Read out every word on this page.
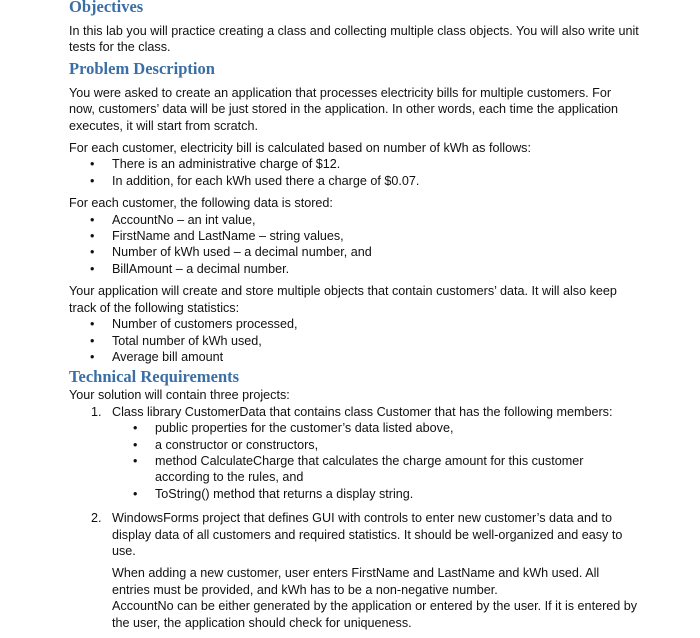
Objectives

In this lab you will practice creating a class and collecting multiple class objects. You will also write unit tests for the class.

Problem Description

You were asked to create an application that processes electricity bills for multiple customers. For now, customers’ data will be just stored in the application. In other words, each time the application executes, it will start from scratch.

For each customer, electricity bill is calculated based on number of kWh as follows:

• There is an administrative charge of $12.
• In addition, for each kWh used there a charge of $0.07.

For each customer, the following data is stored:

• AccountNo – an int value,
• FirstName and LastName – string values,
• Number of kWh used – a decimal number, and
• BillAmount – a decimal number.

Your application will create and store multiple objects that contain customers’ data. It will also keep track of the following statistics:

• Number of customers processed,
• Total number of kWh used,
• Average bill amount
Technical Requirements

Your solution will contain three projects:

1. Class library CustomerData that contains class Customer that has the following members:
• public properties for the customer’s data listed above,
• a constructor or constructors,
• method CalculateCharge that calculates the charge amount for this customer according to the rules, and
• ToString() method that returns a display string.
2. WindowsForms project that defines GUI with controls to enter new customer’s data and to display data of all customers and required statistics. It should be well-organized and easy to use.

When adding a new customer, user enters FirstName and LastName and kWh used. All entries must be provided, and kWh has to be a non-negative number.

AccountNo can be either generated by the application or entered by the user. If it is entered by the user, the application should check for uniqueness.
